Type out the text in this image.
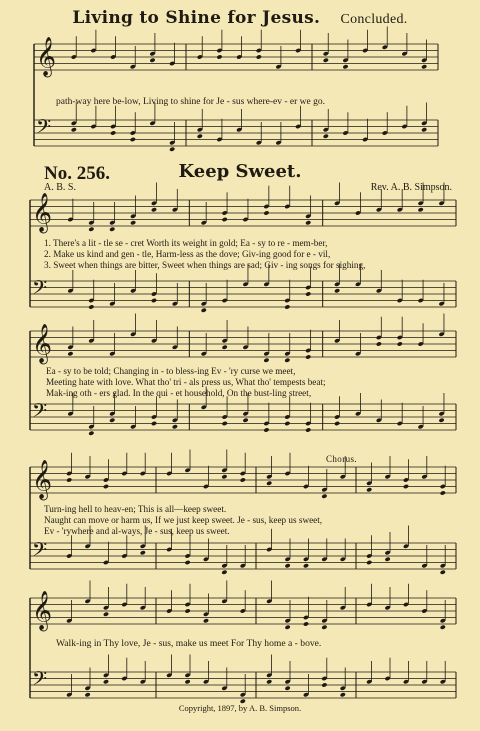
𝄞
𝄢
𝄞
𝄢
𝄞
𝄢
𝄞
𝄢
𝄞
𝄢
Living to Shine for Jesus. Concluded.
path-way here be-low, Living to shine for Je - sus where-ev - er we go.
No. 256.	Keep Sweet.
A. B. S.	Rev. A. B. Simpson.
1. There's a lit - tle se - cret Worth its weight in gold; Ea - sy to re - mem-ber,
2. Make us kind and gen - tle, Harm-less as the dove; Giv-ing good for e - vil,
3. Sweet when things are bitter, Sweet when things are sad; Giv - ing songs for sighing,
Ea - sy to be told; Changing in - to bless-ing Ev - 'ry curse we meet,
Meeting hate with love. What tho' tri - als press us, What tho' tempests beat;
Mak-ing oth - ers glad. In the qui - et household, On the bust-ling street,
Chorus.
Turn-ing hell to heav-en; This is all—keep sweet.
Naught can move or harm us, If we just keep sweet. Je - sus, keep us sweet,
Ev - 'rywhere and al-ways, Je - sus, keep us sweet.
Walk-ing in Thy love, Je - sus, make us meet For Thy home a - bove.
Copyright, 1897, by A. B. Simpson.
